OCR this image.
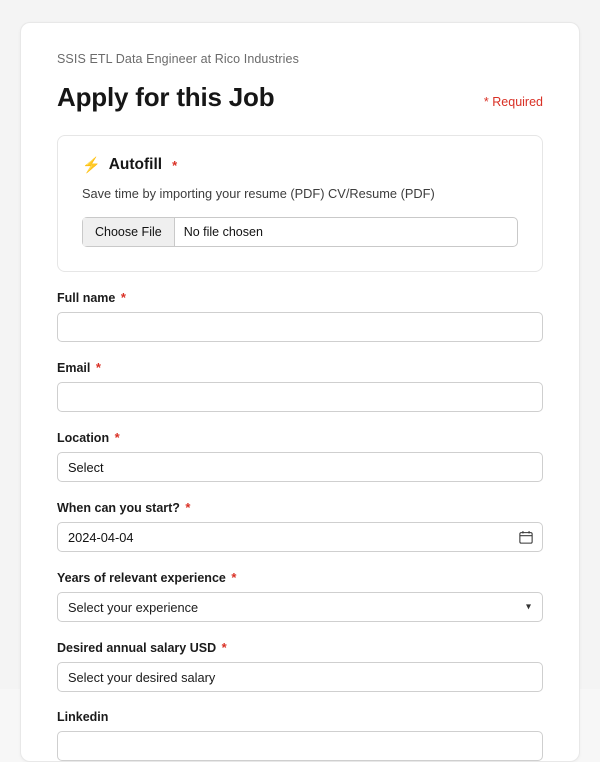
SSIS ETL Data Engineer at Rico Industries
Apply for this Job	* Required
⚡ Autofill *
Save time by importing your resume (PDF) CV/Resume (PDF)
Choose File	No file chosen
Full name *
Email *
Location *
Select
When can you start? *
2024-04-04
Years of relevant experience *
Select your experience	▾
Desired annual salary USD *
Select your desired salary
Linkedin
